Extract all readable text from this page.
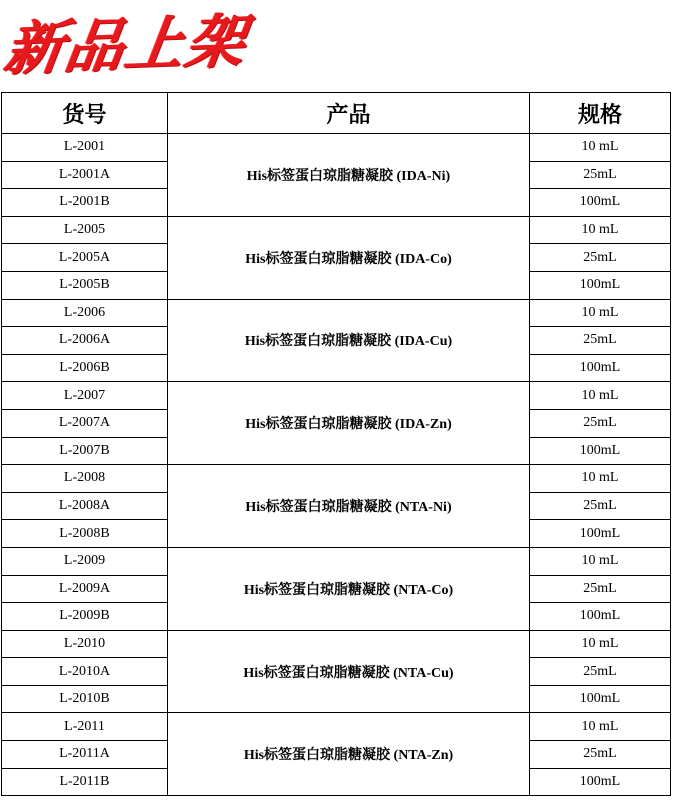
新品上架
货号	产品	规格
L-2001	His标签蛋白琼脂糖凝胶 (IDA-Ni)	10 mL
L-2001A		25mL
L-2001B		100mL
L-2005	His标签蛋白琼脂糖凝胶 (IDA-Co)	10 mL
L-2005A		25mL
L-2005B		100mL
L-2006	His标签蛋白琼脂糖凝胶 (IDA-Cu)	10 mL
L-2006A		25mL
L-2006B		100mL
L-2007	His标签蛋白琼脂糖凝胶 (IDA-Zn)	10 mL
L-2007A		25mL
L-2007B		100mL
L-2008	His标签蛋白琼脂糖凝胶 (NTA-Ni)	10 mL
L-2008A		25mL
L-2008B		100mL
L-2009	His标签蛋白琼脂糖凝胶 (NTA-Co)	10 mL
L-2009A		25mL
L-2009B		100mL
L-2010	His标签蛋白琼脂糖凝胶 (NTA-Cu)	10 mL
L-2010A		25mL
L-2010B		100mL
L-2011	His标签蛋白琼脂糖凝胶 (NTA-Zn)	10 mL
L-2011A		25mL
L-2011B		100mL
